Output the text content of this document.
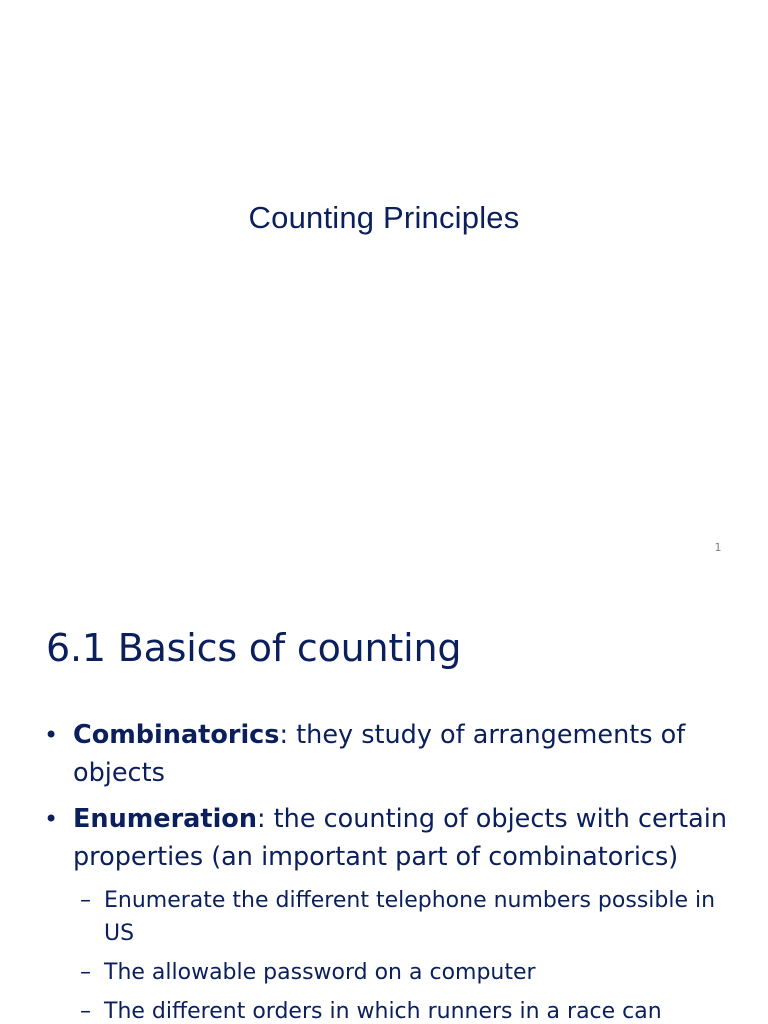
Counting Principles
1
6.1 Basics of counting
• Combinatorics: they study of arrangements of objects
• Enumeration: the counting of objects with certain properties (an important part of combinatorics)
– Enumerate the different telephone numbers possible in US
– The allowable password on a computer
– The different orders in which runners in a race can
